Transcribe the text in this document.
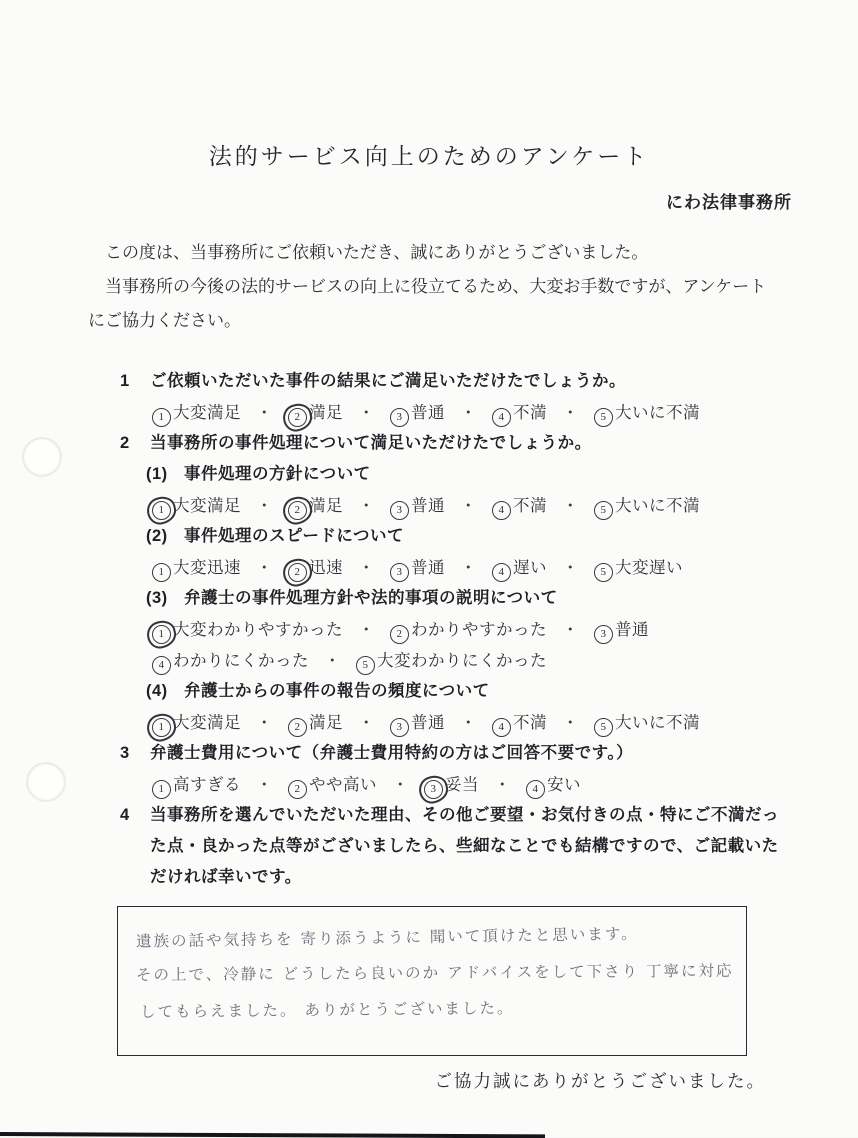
法的サービス向上のためのアンケート
にわ法律事務所

この度は、当事務所にご依頼いただき、誠にありがとうございました。

当事務所の今後の法的サービスの向上に役立てるため、大変お手数ですが、アンケートにご協力ください。

1	ご依頼いただいた事件の結果にご満足いただけたでしょうか。
1 大変満足 ・ 2 満足 ・ 3 普通 ・ 4 不満 ・ 5 大いに不満
2	当事務所の事件処理について満足いただけたでしょうか。
(1) 事件処理の方針について
1 大変満足 ・ 2 満足 ・ 3 普通 ・ 4 不満 ・ 5 大いに不満
(2) 事件処理のスピードについて
1 大変迅速 ・ 2 迅速 ・ 3 普通 ・ 4 遅い ・ 5 大変遅い
(3) 弁護士の事件処理方針や法的事項の説明について
1 大変わかりやすかった ・ 2 わかりやすかった ・ 3 普通
4 わかりにくかった ・ 5 大変わかりにくかった
(4) 弁護士からの事件の報告の頻度について
1 大変満足 ・ 2 満足 ・ 3 普通 ・ 4 不満 ・ 5 大いに不満
3	弁護士費用について（弁護士費用特約の方はご回答不要です。）
1 高すぎる ・ 2 やや高い ・ 3 妥当 ・ 4 安い
4	当事務所を選んでいただいた理由、その他ご要望・お気付きの点・特にご不満だった点・良かった点等がございましたら、些細なことでも結構ですので、ご記載いただければ幸いです。
遺族の話や気持ちを 寄り添うように 聞いて頂けたと思います。
その上で、冷静に どうしたら良いのか アドバイスをして下さり 丁寧に対応
してもらえました。 ありがとうございました。
ご協力誠にありがとうございました。
